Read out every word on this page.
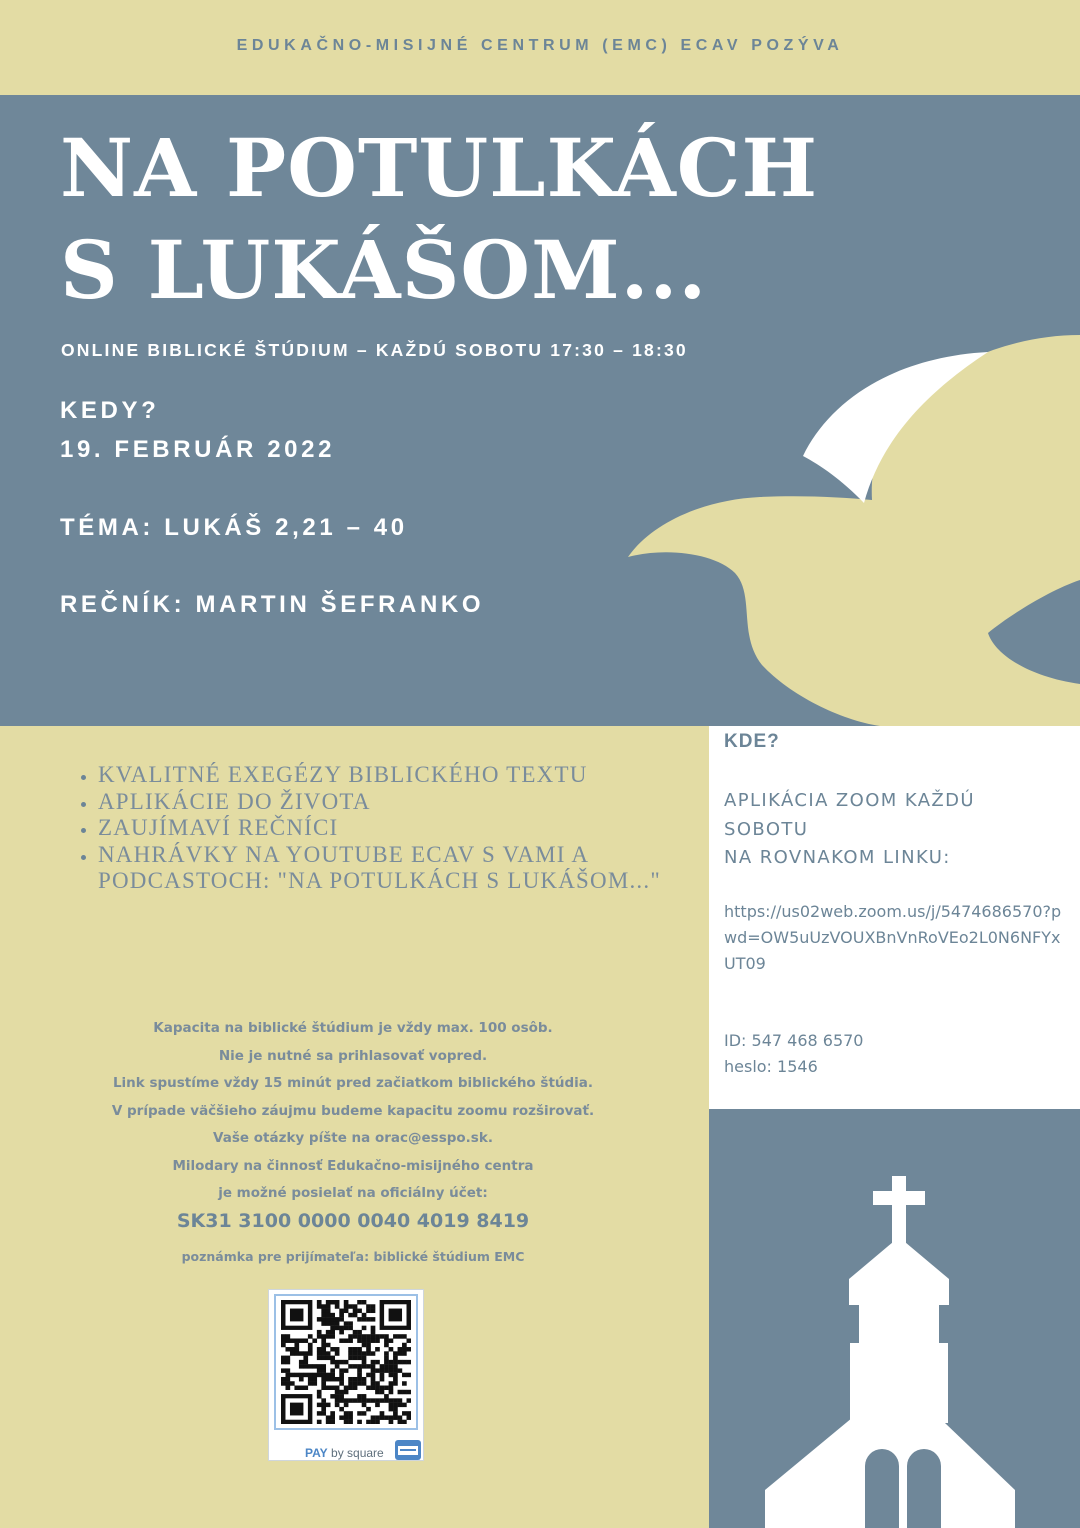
EDUKAČNO-MISIJNÉ CENTRUM (EMC) ECAV POZÝVA
NA POTULKÁCH
S LUKÁŠOM...
ONLINE BIBLICKÉ ŠTÚDIUM – KAŽDÚ SOBOTU 17:30 – 18:30
KEDY?
19. FEBRUÁR 2022
TÉMA: LUKÁŠ 2,21 – 40
REČNÍK: MARTIN ŠEFRANKO
• KVALITNÉ EXEGÉZY BIBLICKÉHO TEXTU
• APLIKÁCIE DO ŽIVOTA
• ZAUJÍMAVÍ REČNÍCI
• NAHRÁVKY NA YOUTUBE ECAV S VAMI A PODCASTOCH: "NA POTULKÁCH S LUKÁŠOM..."
KDE?
APLIKÁCIA ZOOM KAŽDÚ
SOBOTU
NA ROVNAKOM LINKU:
https://us02web.zoom.us/j/5474686570?pwd=OW5uUzVOUXBnVnRoVEo2L0N6NFYxUT09
ID: 547 468 6570
heslo: 1546
Kapacita na biblické štúdium je vždy max. 100 osôb.
Nie je nutné sa prihlasovať vopred.
Link spustíme vždy 15 minút pred začiatkom biblického štúdia.
V prípade väčšieho záujmu budeme kapacitu zoomu rozširovať.
Vaše otázky píšte na orac@esspo.sk.
Milodary na činnosť Edukačno-misijného centra
je možné posielať na oficiálny účet:
SK31 3100 0000 0040 4019 8419
poznámka pre prijímateľa: biblické štúdium EMC
PAY by square
